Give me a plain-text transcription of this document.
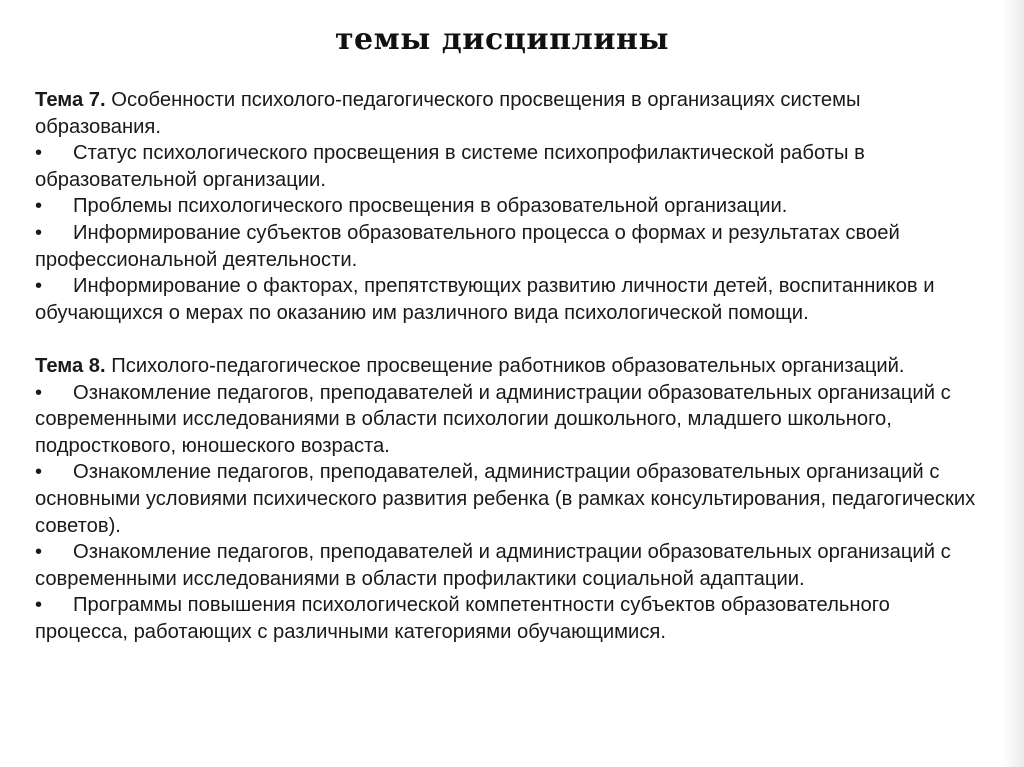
темы дисциплины

Тема 7. Особенности психолого-педагогического просвещения в организациях системы образования.

• Статус психологического просвещения в системе психопрофилактической работы в образовательной организации.
• Проблемы психологического просвещения в образовательной организации.
• Информирование субъектов образовательного процесса о формах и результатах своей профессиональной деятельности.
• Информирование о факторах, препятствующих развитию личности детей, воспитанников и обучающихся о мерах по оказанию им различного вида психологической помощи.

Тема 8. Психолого-педагогическое просвещение работников образовательных организаций.

• Ознакомление педагогов, преподавателей и администрации образовательных организаций с современными исследованиями в области психологии дошкольного, младшего школьного, подросткового, юношеского возраста.
• Ознакомление педагогов, преподавателей, администрации образовательных организаций с основными условиями психического развития ребенка (в рамках консультирования, педагогических советов).
• Ознакомление педагогов, преподавателей и администрации образовательных организаций с современными исследованиями в области профилактики социальной адаптации.
• Программы повышения психологической компетентности субъектов образовательного процесса, работающих с различными категориями обучающимися.
